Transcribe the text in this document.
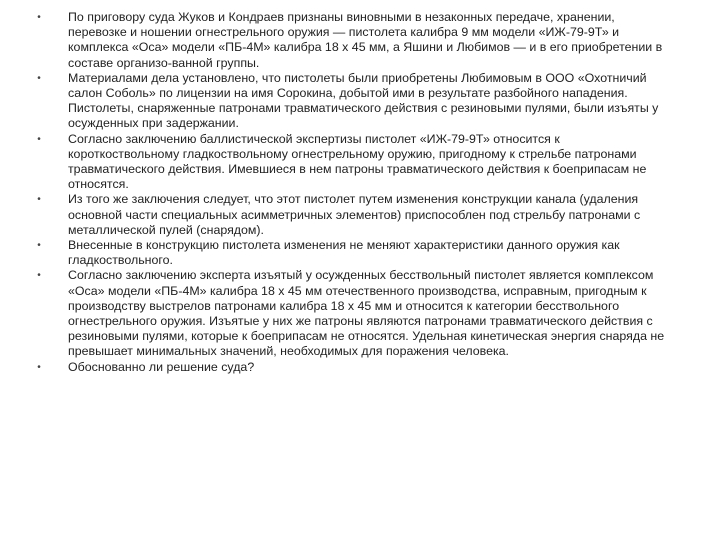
• По приговору суда Жуков и Кондраев признаны виновными в незаконных передаче, хранении, перевозке и ношении огнестрельного оружия — пистолета калибра 9 мм модели «ИЖ-79-9Т» и комплекса «Оса» модели «ПБ-4М» калибра 18 х 45 мм, а Яшини и Любимов — и в его приобретении в составе организо-ванной группы.
• Материалами дела установлено, что пистолеты были приобретены Любимовым в ООО «Охотничий салон Соболь» по лицензии на имя Сорокина, добытой ими в результате разбойного нападения. Пистолеты, снаряженные патронами травматического действия с резиновыми пулями, были изъяты у осужденных при задержании.
• Согласно заключению баллистической экспертизы пистолет «ИЖ-79-9Т» относится к короткоствольному гладкоствольному огнестрельному оружию, пригодному к стрельбе патронами травматического действия. Имевшиеся в нем патроны травматического действия к боеприпасам не относятся.
• Из того же заключения следует, что этот пистолет путем изменения конструкции канала (удаления основной части специальных асимметричных элементов) приспособлен под стрельбу патронами с металлической пулей (снарядом).
• Внесенные в конструкцию пистолета изменения не меняют характеристики данного оружия как гладкоствольного.
• Согласно заключению эксперта изъятый у осужденных бесствольный пистолет является комплексом «Оса» модели «ПБ-4М» калибра 18 х 45 мм отечественного производства, исправным, пригодным к производству выстрелов патронами калибра 18 х 45 мм и относится к категории бесствольного огнестрельного оружия. Изъятые у них же патроны являются патронами травматического действия с резиновыми пулями, которые к боеприпасам не относятся. Удельная кинетическая энергия снаряда не превышает минимальных значений, необходимых для поражения человека.
• Обоснованно ли решение суда?
